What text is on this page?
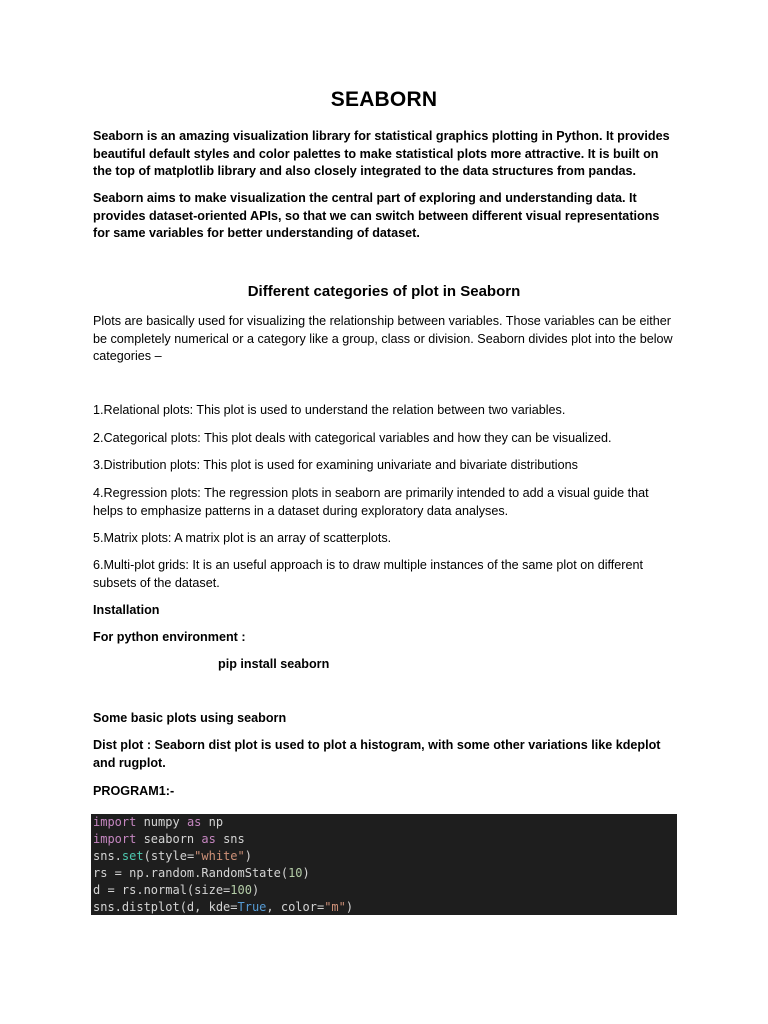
SEABORN
Seaborn is an amazing visualization library for statistical graphics plotting in Python. It provides beautiful default styles and color palettes to make statistical plots more attractive. It is built on the top of matplotlib library and also closely integrated to the data structures from pandas.
Seaborn aims to make visualization the central part of exploring and understanding data. It provides dataset-oriented APIs, so that we can switch between different visual representations for same variables for better understanding of dataset.
Different categories of plot in Seaborn
Plots are basically used for visualizing the relationship between variables. Those variables can be either be completely numerical or a category like a group, class or division. Seaborn divides plot into the below categories –
1.Relational plots: This plot is used to understand the relation between two variables.
2.Categorical plots: This plot deals with categorical variables and how they can be visualized.
3.Distribution plots: This plot is used for examining univariate and bivariate distributions
4.Regression plots: The regression plots in seaborn are primarily intended to add a visual guide that helps to emphasize patterns in a dataset during exploratory data analyses.
5.Matrix plots: A matrix plot is an array of scatterplots.
6.Multi-plot grids: It is an useful approach is to draw multiple instances of the same plot on different subsets of the dataset.
Installation
For python environment :
pip install seaborn
Some basic plots using seaborn
Dist plot : Seaborn dist plot is used to plot a histogram, with some other variations like kdeplot and rugplot.
PROGRAM1:-
import numpy as np
import seaborn as sns
sns.set(style="white")
rs = np.random.RandomState(10)
d = rs.normal(size=100)
sns.distplot(d, kde=True, color="m")
